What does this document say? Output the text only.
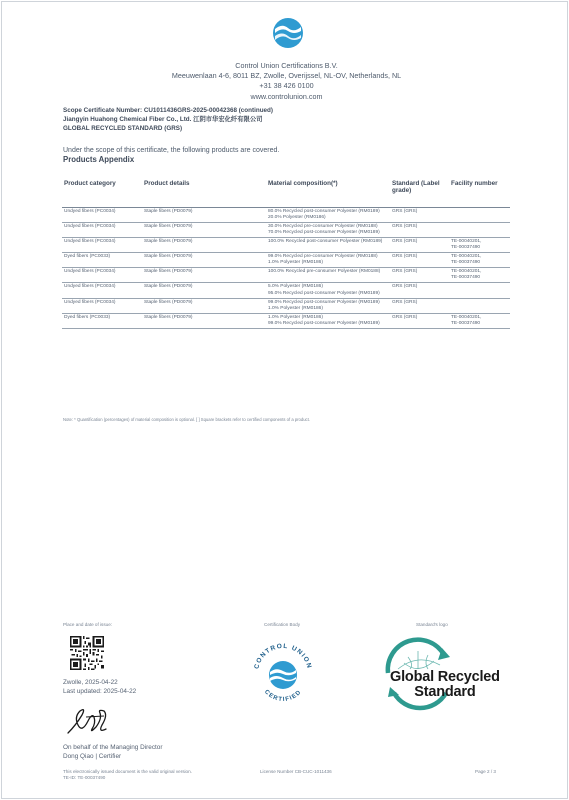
Control Union Certifications B.V.
Meeuwenlaan 4-6, 8011 BZ, Zwolle, Overijssel, NL-OV, Netherlands, NL
+31 38 426 0100
www.controlunion.com
Scope Certificate Number: CU1011436GRS-2025-00042368 (continued)
Jiangyin Huahong Chemical Fiber Co., Ltd. 江阴市华宏化纤有限公司
GLOBAL RECYCLED STANDARD (GRS)
Under the scope of this certificate, the following products are covered.
Products Appendix
Product category	Product details	Material composition(*)	Standard (Label grade)	Facility number

Undyed fibers (PC0034)	Staple fibers (PD0079)	80.0% Recycled post-consumer Polyester (RM0189)
20.0% Polyester (RM0186)	GRS (GRS)	

Undyed fibers (PC0034)	Staple fibers (PD0079)	30.0% Recycled pre-consumer Polyester (RM0188)
70.0% Recycled post-consumer Polyester (RM0189)	GRS (GRS)	

Undyed fibers (PC0034)	Staple fibers (PD0079)	100.0% Recycled post-consumer Polyester (RM0189)	GRS (GRS)	TE-00040201,
TE-00037490

Dyed fibers (PC0033)	Staple fibers (PD0079)	99.0% Recycled pre-consumer Polyester (RM0188)
1.0% Polyester (RM0186)	GRS (GRS)	TE-00040201,
TE-00037490

Undyed fibers (PC0034)	Staple fibers (PD0079)	100.0% Recycled pre-consumer Polyester (RM0188)	GRS (GRS)	TE-00040201,
TE-00037490

Undyed fibers (PC0034)	Staple fibers (PD0079)	5.0% Polyester (RM0186)
95.0% Recycled post-consumer Polyester (RM0189)	GRS (GRS)	

Undyed fibers (PC0034)	Staple fibers (PD0079)	99.0% Recycled post-consumer Polyester (RM0189)
1.0% Polyester (RM0186)	GRS (GRS)	

Dyed fibers (PC0033)	Staple fibers (PD0079)	1.0% Polyester (RM0186)
99.0% Recycled post-consumer Polyester (RM0189)	GRS (GRS)	TE-00040201,
TE-00037490
Note: * Quantification (percentages) of material composition is optional. [ ] Square brackets refer to certified components of a product.
Place and date of issue:	Certification Body	Standard's logo
Zwolle, 2025-04-22
Last updated: 2025-04-22
On behalf of the Managing Director
Dong Qiao | Certifier
CONTROL UNION
CERTIFIED
Global Recycled
Standard
This electronically issued document is the valid original version.
TE-ID: TE-00037490
License Number CB-CUC-1011436	Page 2 / 3
